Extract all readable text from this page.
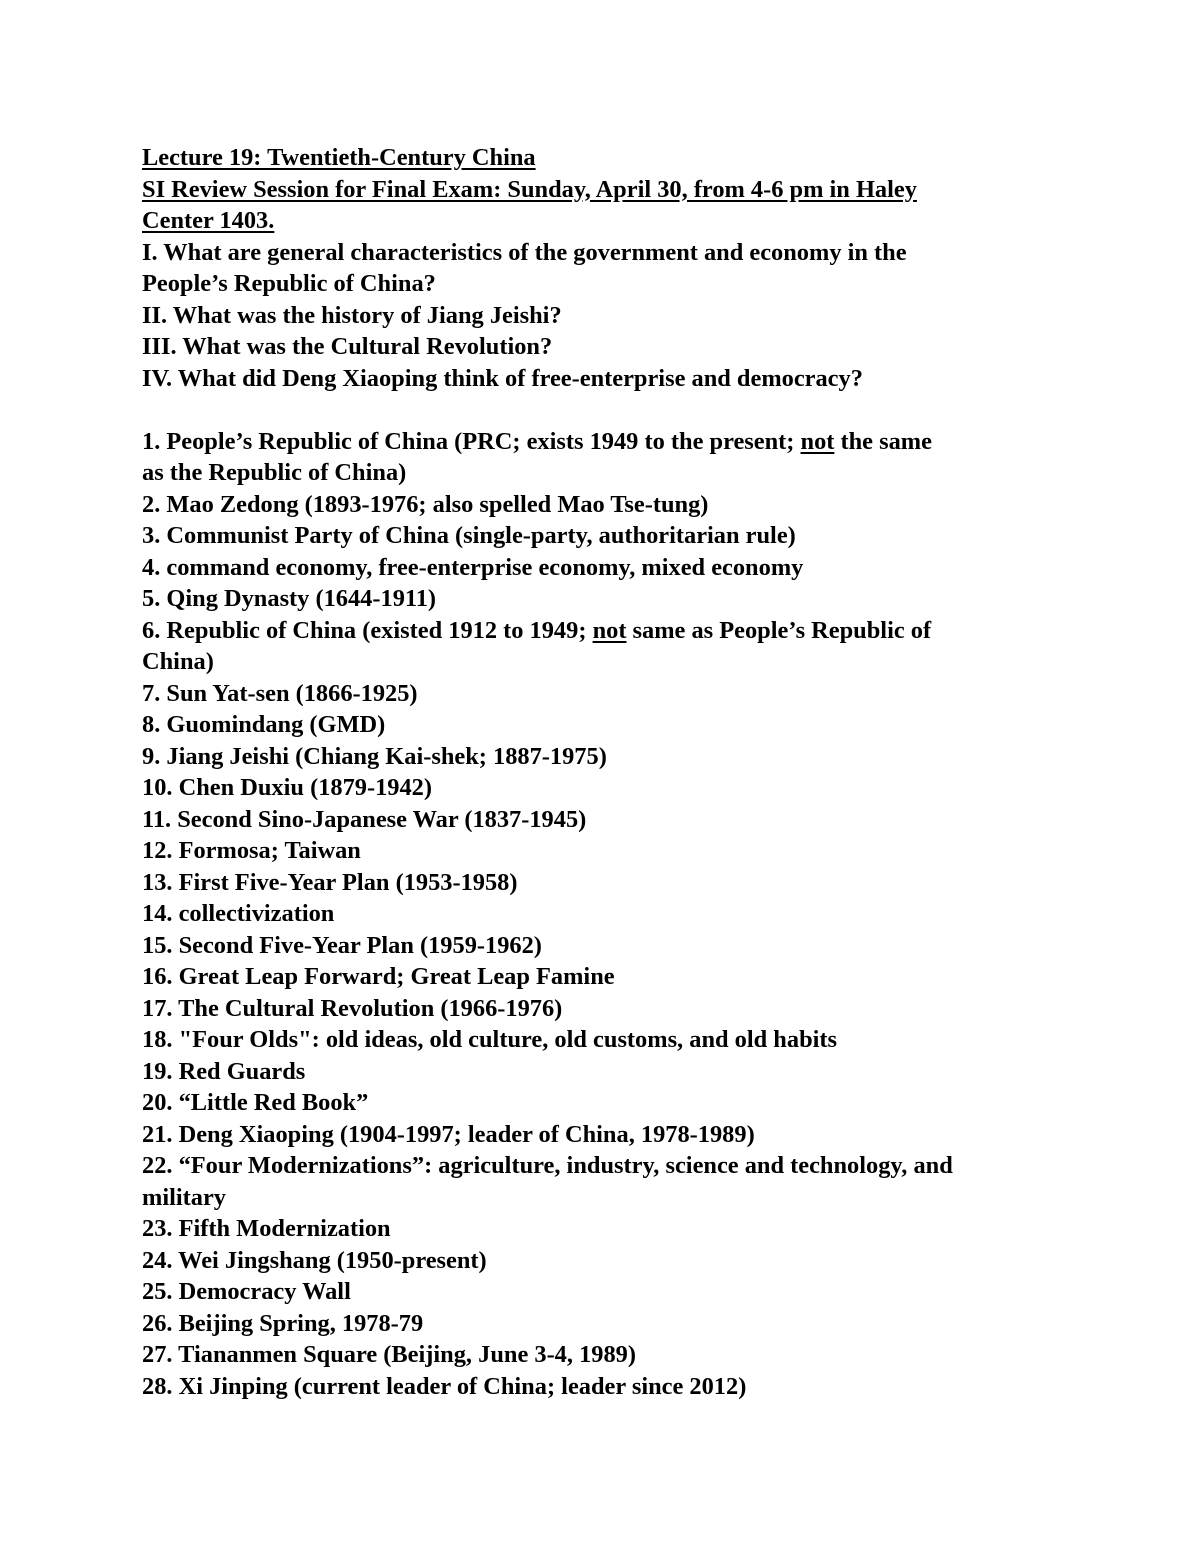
Lecture 19: Twentieth-Century China

SI Review Session for Final Exam: Sunday, April 30, from 4-6 pm in Haley

Center 1403.

I. What are general characteristics of the government and economy in the

People’s Republic of China?

II. What was the history of Jiang Jeishi?

III. What was the Cultural Revolution?

IV. What did Deng Xiaoping think of free-enterprise and democracy?

1. People’s Republic of China (PRC; exists 1949 to the present; not the same

as the Republic of China)

2. Mao Zedong (1893-1976; also spelled Mao Tse-tung)

3. Communist Party of China (single-party, authoritarian rule)

4. command economy, free-enterprise economy, mixed economy

5. Qing Dynasty (1644-1911)

6. Republic of China (existed 1912 to 1949; not same as People’s Republic of

China)

7. Sun Yat-sen (1866-1925)

8. Guomindang (GMD)

9. Jiang Jeishi (Chiang Kai-shek; 1887-1975)

10. Chen Duxiu (1879-1942)

11. Second Sino-Japanese War (1837-1945)

12. Formosa; Taiwan

13. First Five-Year Plan (1953-1958)

14. collectivization

15. Second Five-Year Plan (1959-1962)

16. Great Leap Forward; Great Leap Famine

17. The Cultural Revolution (1966-1976)

18. "Four Olds": old ideas, old culture, old customs, and old habits

19. Red Guards

20. “Little Red Book”

21. Deng Xiaoping (1904-1997; leader of China, 1978-1989)

22. “Four Modernizations”: agriculture, industry, science and technology, and

military

23. Fifth Modernization

24. Wei Jingshang (1950-present)

25. Democracy Wall

26. Beijing Spring, 1978-79

27. Tiananmen Square (Beijing, June 3-4, 1989)

28. Xi Jinping (current leader of China; leader since 2012)
